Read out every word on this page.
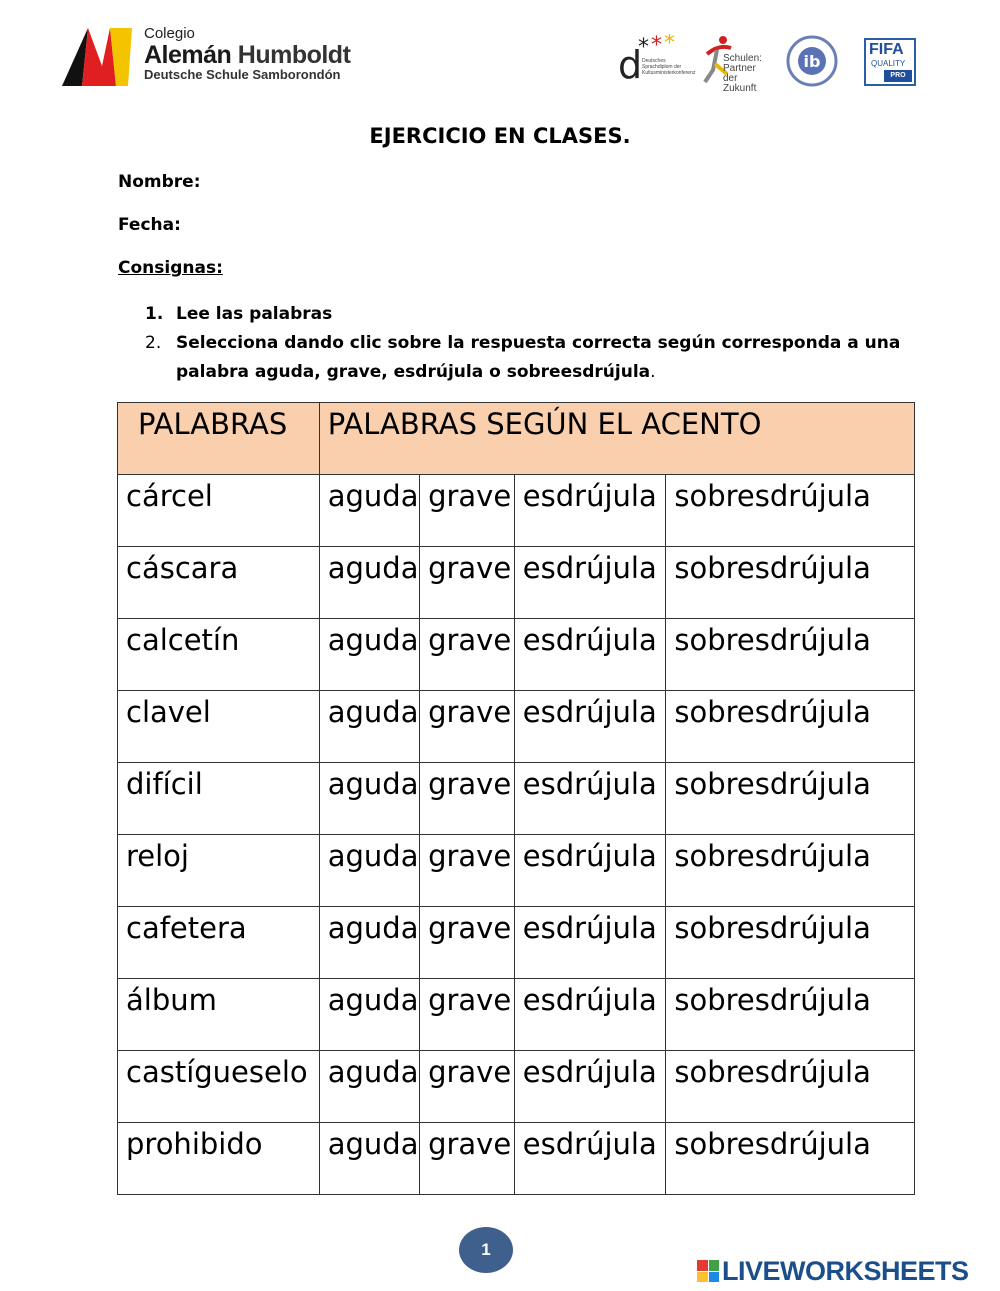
Colegio
Alemán Humboldt
Deutsche Schule Samborondón	d
* * *
Deutsches Sprachdiplom der Kultusministerkonferenz
Schulen: Partner der Zukunft
ib
FIFA
QUALITY
PRO
EJERCICIO EN CLASES.
Nombre:
Fecha:
Consignas:
1. Lee las palabras
2. Selecciona dando clic sobre la respuesta correcta según corresponda a una palabra aguda, grave, esdrújula o sobreesdrújula.
PALABRAS	PALABRAS SEGÚN EL ACENTO			
cárcel	aguda	grave	esdrújula	sobresdrújula
cáscara	aguda	grave	esdrújula	sobresdrújula
calcetín	aguda	grave	esdrújula	sobresdrújula
clavel	aguda	grave	esdrújula	sobresdrújula
difícil	aguda	grave	esdrújula	sobresdrújula
reloj	aguda	grave	esdrújula	sobresdrújula
cafetera	aguda	grave	esdrújula	sobresdrújula
álbum	aguda	grave	esdrújula	sobresdrújula
castígueselo	aguda	grave	esdrújula	sobresdrújula
prohibido	aguda	grave	esdrújula	sobresdrújula
1
LIVEWORKSHEETS
